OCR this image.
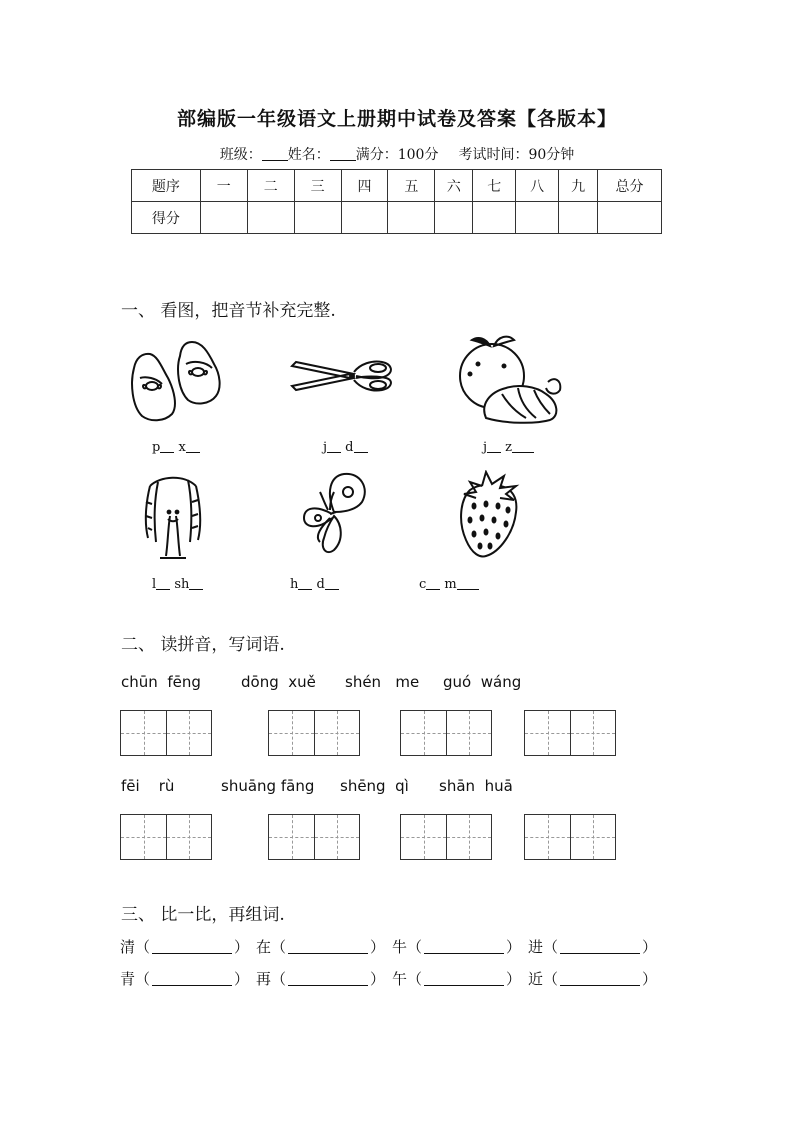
部编版一年级语文上册期中试卷及答案【各版本】
班级： 姓名： 满分：100分 考试时间：90分钟
题序	一	二	三	四	五	六	七	八	九	总分
得分										
一、 看图，把音节补充完整.
p x	j d	j z
l sh	h d	c m
二、 读拼音，写词语.
chūn fēng	dōng xuě shén me guó wáng
fēi rù	shuāng fāng shēng qì shān huā
三、 比一比，再组词.
清（	） 在（	） 牛（	） 进（	）
青（	） 再（	） 午（	） 近（	）
